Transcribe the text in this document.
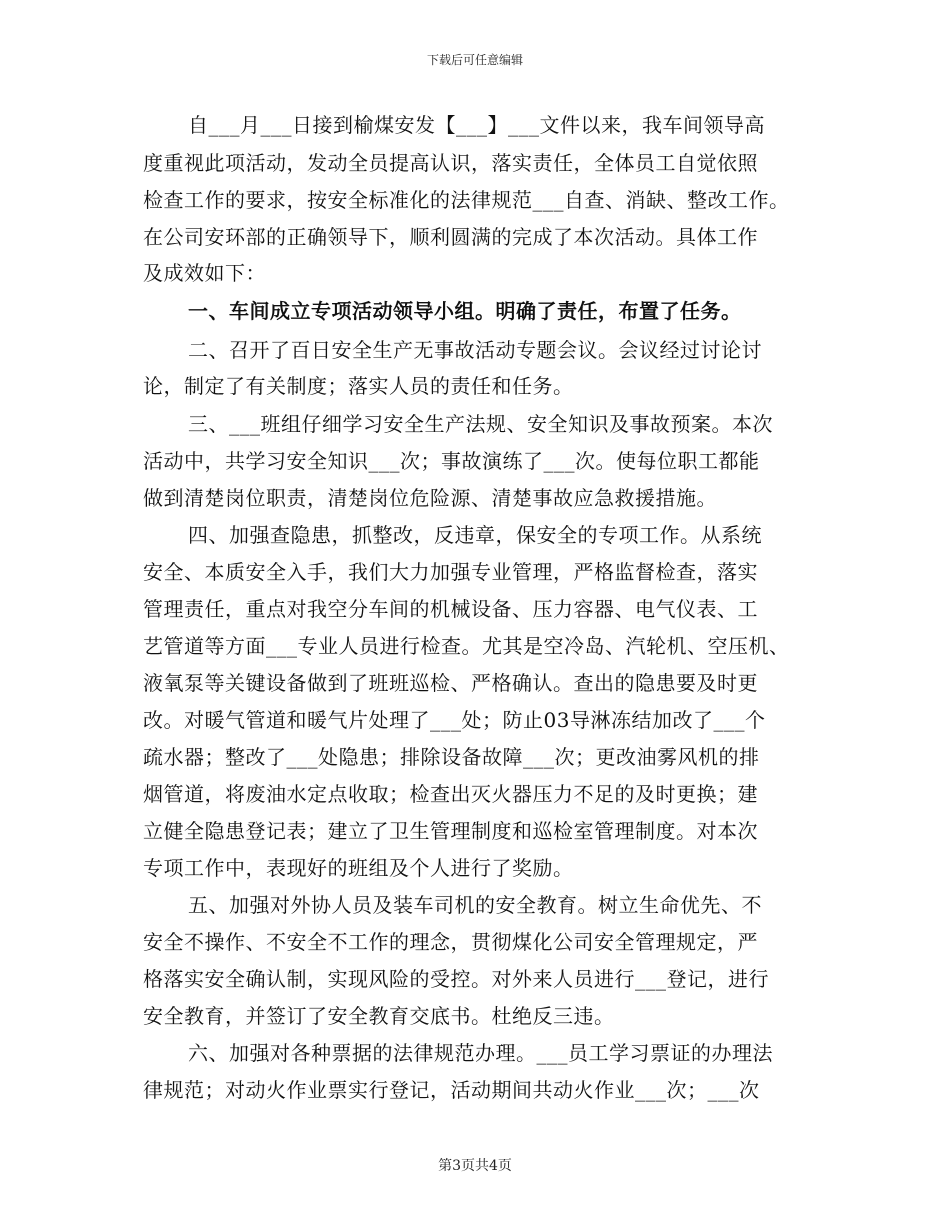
下载后可任意编辑
自___月___日接到榆煤安发【___】___文件以来，我车间领导高
度重视此项活动，发动全员提高认识，落实责任，全体员工自觉依照
检查工作的要求，按安全标准化的法律规范___自查、消缺、整改工作。
在公司安环部的正确领导下，顺利圆满的完成了本次活动。具体工作
及成效如下：
一、车间成立专项活动领导小组。明确了责任，布置了任务。
二、召开了百日安全生产无事故活动专题会议。会议经过讨论讨
论，制定了有关制度；落实人员的责任和任务。
三、___班组仔细学习安全生产法规、安全知识及事故预案。本次
活动中，共学习安全知识___次；事故演练了___次。使每位职工都能
做到清楚岗位职责，清楚岗位危险源、清楚事故应急救援措施。
四、加强查隐患，抓整改，反违章，保安全的专项工作。从系统
安全、本质安全入手，我们大力加强专业管理，严格监督检查，落实
管理责任，重点对我空分车间的机械设备、压力容器、电气仪表、工
艺管道等方面___专业人员进行检查。尤其是空冷岛、汽轮机、空压机、
液氧泵等关键设备做到了班班巡检、严格确认。查出的隐患要及时更
改。对暖气管道和暖气片处理了___处；防止03导淋冻结加改了___个
疏水器；整改了___处隐患；排除设备故障___次；更改油雾风机的排
烟管道，将废油水定点收取；检查出灭火器压力不足的及时更换；建
立健全隐患登记表；建立了卫生管理制度和巡检室管理制度。对本次
专项工作中，表现好的班组及个人进行了奖励。
五、加强对外协人员及装车司机的安全教育。树立生命优先、不
安全不操作、不安全不工作的理念，贯彻煤化公司安全管理规定，严
格落实安全确认制，实现风险的受控。对外来人员进行___登记，进行
安全教育，并签订了安全教育交底书。杜绝反三违。
六、加强对各种票据的法律规范办理。___员工学习票证的办理法
律规范；对动火作业票实行登记，活动期间共动火作业___次；___次
第3页共4页
